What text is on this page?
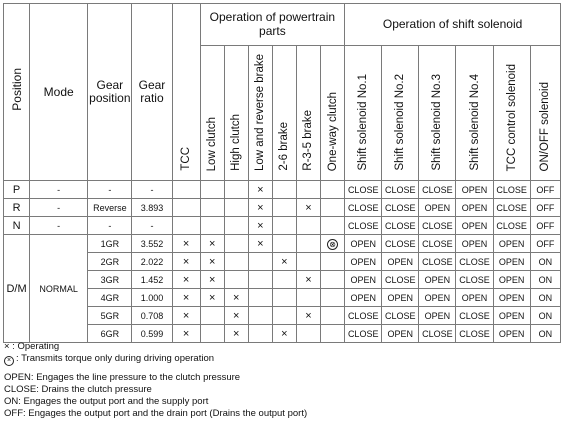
Position	Mode	Gear position	Gear ratio	TCC	Operation of powertrain parts						Operation of shift solenoid					
					Low clutch	High clutch	Low and reverse brake	2-6 brake	R-3-5 brake	One-way clutch	Shift solenoid No.1	Shift solenoid No.2	Shift solenoid No.3	Shift solenoid No.4	TCC control solenoid	ON/OFF solenoid
P	-	-	-				×				CLOSE	CLOSE	CLOSE	OPEN	CLOSE	OFF
R	-	Reverse	3.893				×		×		CLOSE	CLOSE	OPEN	OPEN	CLOSE	OFF
N	-	-	-				×				CLOSE	CLOSE	CLOSE	OPEN	CLOSE	OFF
D/M	NORMAL	1GR	3.552	×	×		×			⊗	OPEN	CLOSE	CLOSE	OPEN	OPEN	OFF
		2GR	2.022	×	×			×			OPEN	OPEN	CLOSE	CLOSE	OPEN	ON
		3GR	1.452	×	×				×		OPEN	CLOSE	OPEN	CLOSE	OPEN	ON
		4GR	1.000	×	×	×					OPEN	OPEN	OPEN	OPEN	OPEN	ON
		5GR	0.708	×		×			×		CLOSE	CLOSE	OPEN	CLOSE	OPEN	ON
		6GR	0.599	×		×		×			CLOSE	OPEN	CLOSE	CLOSE	OPEN	ON
× : Operating
× : Transmits torque only during driving operation
OPEN: Engages the line pressure to the clutch pressure
CLOSE: Drains the clutch pressure
ON: Engages the output port and the supply port
OFF: Engages the output port and the drain port (Drains the output port)
